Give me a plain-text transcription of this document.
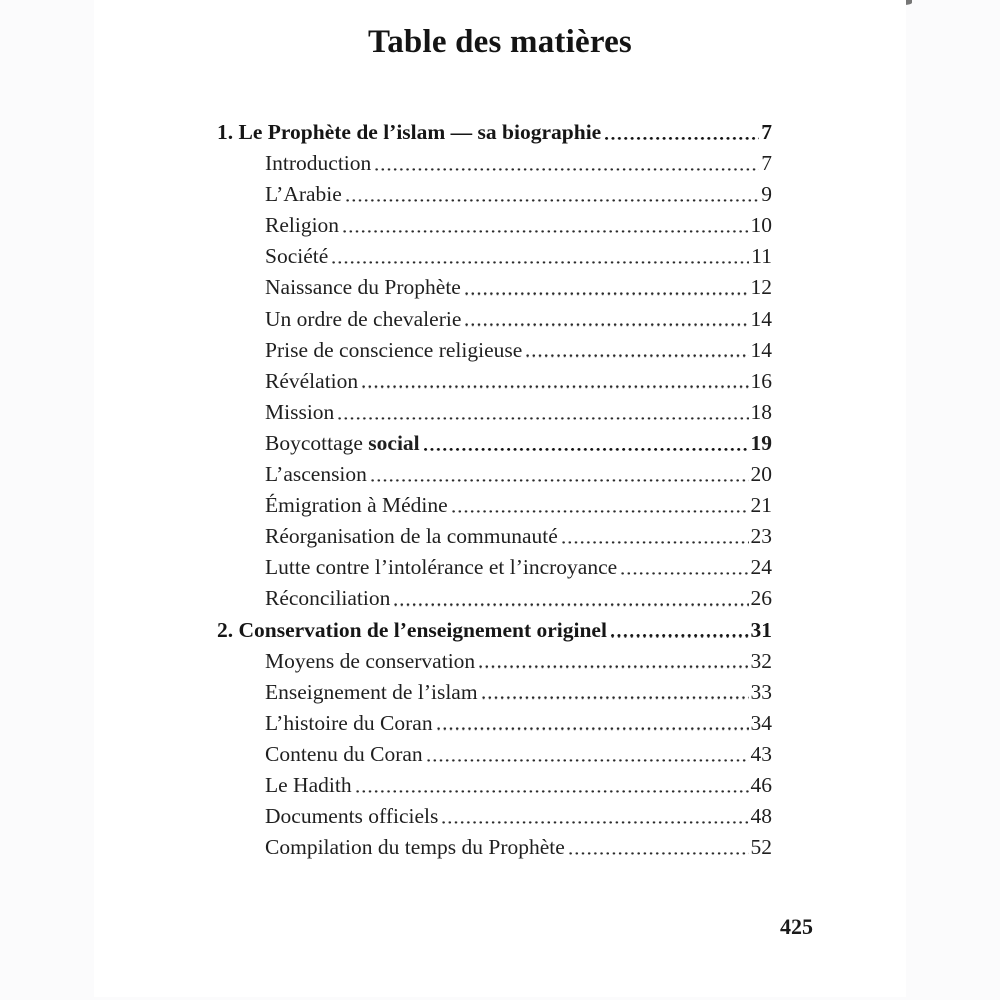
Table des matières
1. Le Prophète de l’islam — sa biographie	7
Introduction	7
L’Arabie	9
Religion	10
Société	11
Naissance du Prophète	12
Un ordre de chevalerie	14
Prise de conscience religieuse	14
Révélation	16
Mission	18
Boycottage social	19
L’ascension	20
Émigration à Médine	21
Réorganisation de la communauté	23
Lutte contre l’intolérance et l’incroyance	24
Réconciliation	26
2. Conservation de l’enseignement originel	31
Moyens de conservation	32
Enseignement de l’islam	33
L’histoire du Coran	34
Contenu du Coran	43
Le Hadith	46
Documents officiels	48
Compilation du temps du Prophète	52
425
